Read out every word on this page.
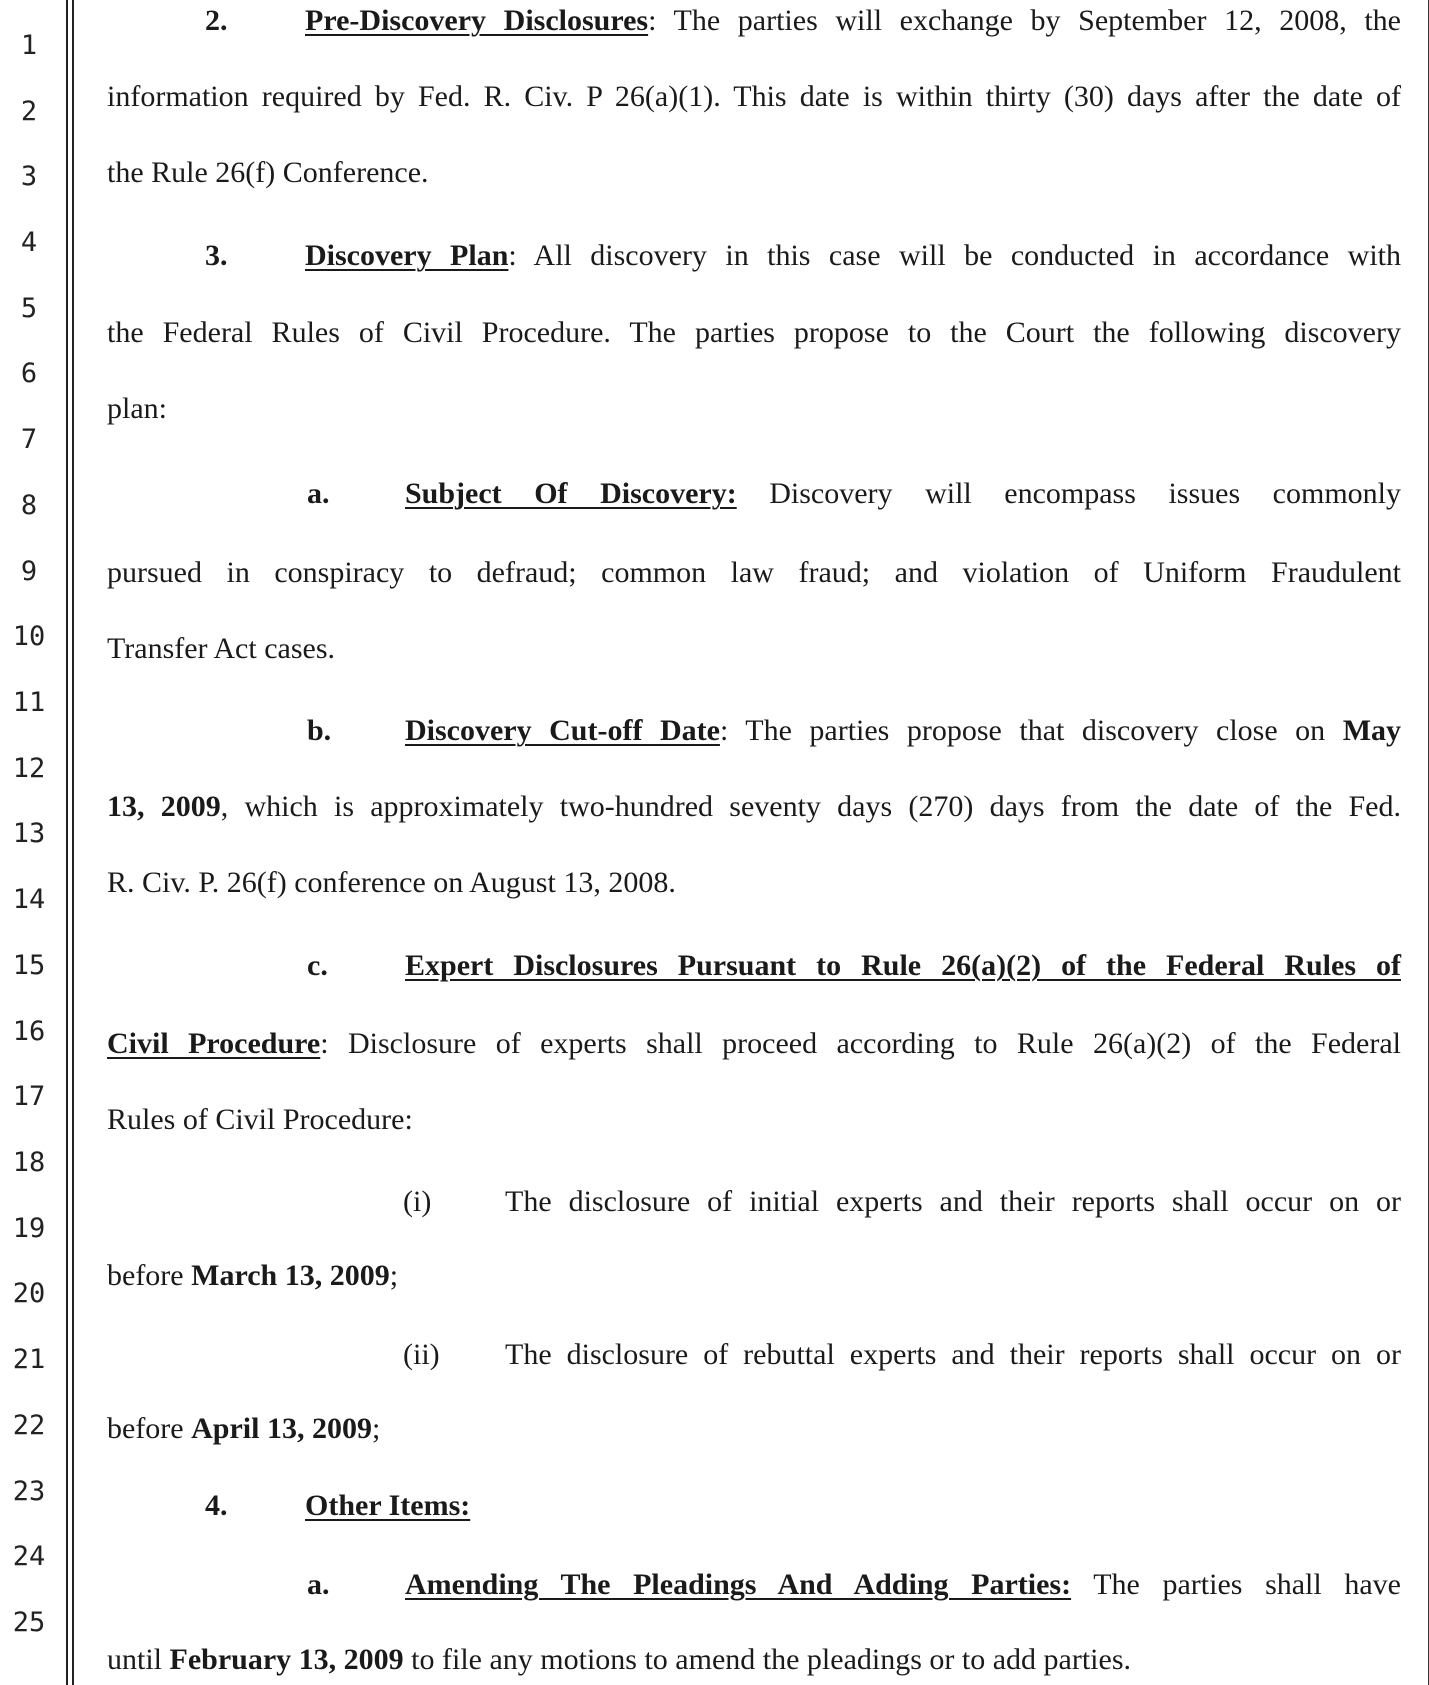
1
2
3
4
5
6
7
8
9
10
11
12
13
14
15
16
17
18
19
20
21
22
23
24
25
2.	Pre-Discovery Disclosures: The parties will exchange by September 12, 2008, the
information required by Fed. R. Civ. P 26(a)(1). This date is within thirty (30) days after the date of
the Rule 26(f) Conference.
3.	Discovery Plan: All discovery in this case will be conducted in accordance with
the Federal Rules of Civil Procedure. The parties propose to the Court the following discovery
plan:
a.	Subject Of Discovery: Discovery will encompass issues commonly
pursued in conspiracy to defraud; common law fraud; and violation of Uniform Fraudulent
Transfer Act cases.
b. Discovery Cut-off Date: The parties propose that discovery close on May
13, 2009, which is approximately two-hundred seventy days (270) days from the date of the Fed.
R. Civ. P. 26(f) conference on August 13, 2008.
c.	Expert Disclosures Pursuant to Rule 26(a)(2) of the Federal Rules of
Civil Procedure: Disclosure of experts shall proceed according to Rule 26(a)(2) of the Federal
Rules of Civil Procedure:
(i) The disclosure of initial experts and their reports shall occur on or
before March 13, 2009;
(ii) The disclosure of rebuttal experts and their reports shall occur on or
before April 13, 2009;
4.	Other Items:
a.	Amending The Pleadings And Adding Parties: The parties shall have
until February 13, 2009 to file any motions to amend the pleadings or to add parties.
